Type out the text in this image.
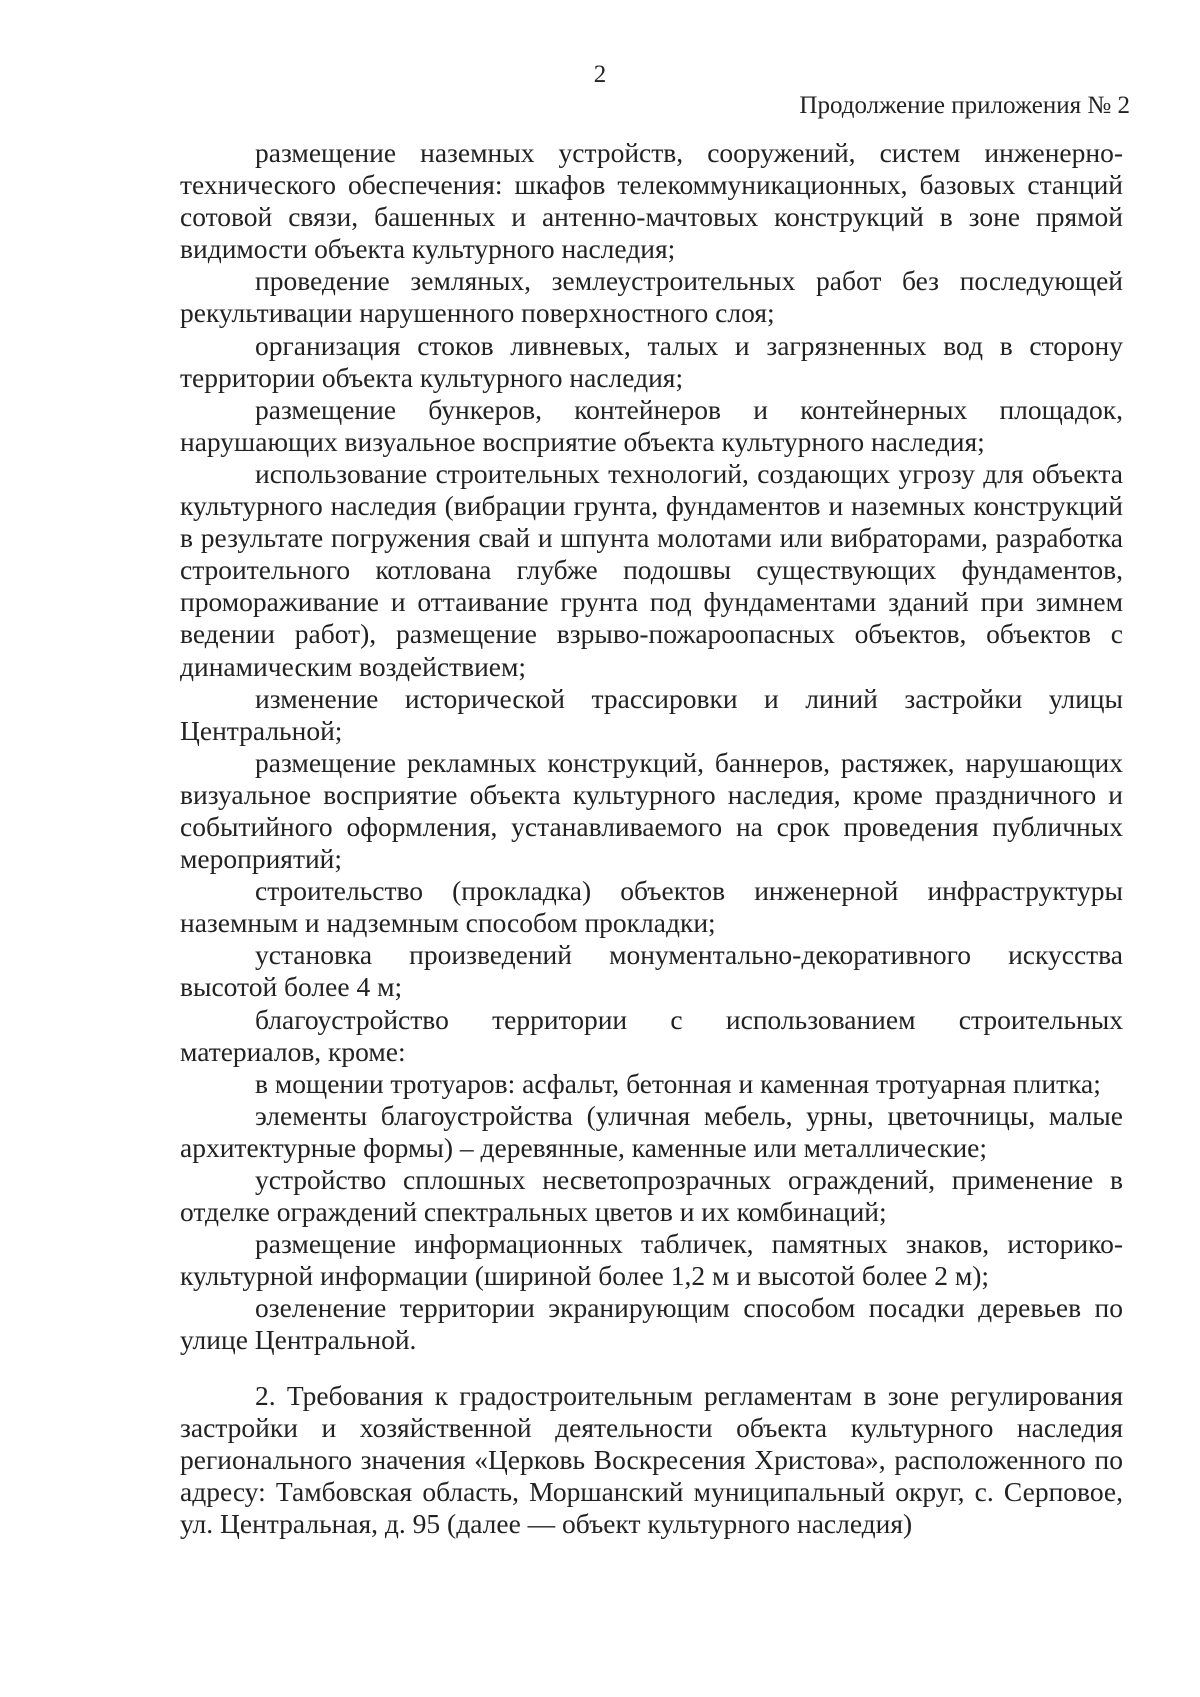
2
Продолжение приложения № 2

размещение наземных устройств, сооружений, систем инженерно-технического обеспечения: шкафов телекоммуникационных, базовых станций сотовой связи, башенных и антенно-мачтовых конструкций в зоне прямой видимости объекта культурного наследия;

проведение земляных, землеустроительных работ без последующей рекультивации нарушенного поверхностного слоя;

организация стоков ливневых, талых и загрязненных вод в сторону территории объекта культурного наследия;

размещение бункеров, контейнеров и контейнерных площадок, нарушающих визуальное восприятие объекта культурного наследия;

использование строительных технологий, создающих угрозу для объекта культурного наследия (вибрации грунта, фундаментов и наземных конструкций в результате погружения свай и шпунта молотами или вибраторами, разработка строительного котлована глубже подошвы существующих фундаментов, промораживание и оттаивание грунта под фундаментами зданий при зимнем ведении работ), размещение взрыво-пожароопасных объектов, объектов с динамическим воздействием;

изменение исторической трассировки и линий застройки улицы Центральной;

размещение рекламных конструкций, баннеров, растяжек, нарушающих визуальное восприятие объекта культурного наследия, кроме праздничного и событийного оформления, устанавливаемого на срок проведения публичных мероприятий;

строительство (прокладка) объектов инженерной инфраструктуры наземным и надземным способом прокладки;

установка произведений монументально-декоративного искусства высотой более 4 м;

благоустройство территории с использованием строительных материалов, кроме:

в мощении тротуаров: асфальт, бетонная и каменная тротуарная плитка;

элементы благоустройства (уличная мебель, урны, цветочницы, малые архитектурные формы) – деревянные, каменные или металлические;

устройство сплошных несветопрозрачных ограждений, применение в отделке ограждений спектральных цветов и их комбинаций;

размещение информационных табличек, памятных знаков, историко-культурной информации (шириной более 1,2 м и высотой более 2 м);

озеленение территории экранирующим способом посадки деревьев по улице Центральной.

2. Требования к градостроительным регламентам в зоне регулирования застройки и хозяйственной деятельности объекта культурного наследия регионального значения «Церковь Воскресения Христова», расположенного по адресу: Тамбовская область, Моршанский муниципальный округ, с. Серповое, ул. Центральная, д. 95 (далее — объект культурного наследия)
